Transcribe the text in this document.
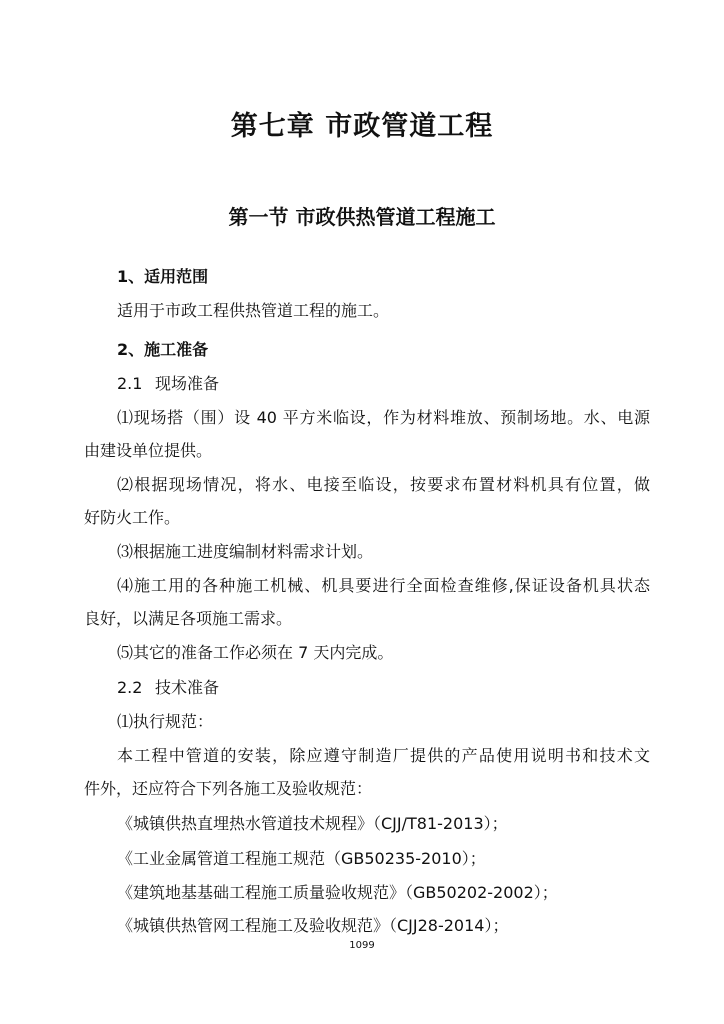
第七章 市政管道工程
第一节 市政供热管道工程施工
1、适用范围
适用于市政工程供热管道工程的施工。
2、施工准备
2.1 现场准备
⑴现场搭（围）设 40 平方米临设，作为材料堆放、预制场地。水、电源
由建设单位提供。
⑵根据现场情况，将水、电接至临设，按要求布置材料机具有位置，做
好防火工作。
⑶根据施工进度编制材料需求计划。
⑷施工用的各种施工机械、机具要进行全面检查维修,保证设备机具状态
良好，以满足各项施工需求。
⑸其它的准备工作必须在 7 天内完成。
2.2 技术准备
⑴执行规范：
本工程中管道的安装，除应遵守制造厂提供的产品使用说明书和技术文
件外，还应符合下列各施工及验收规范：
《城镇供热直埋热水管道技术规程》（CJJ/T81-2013）；
《工业金属管道工程施工规范（GB50235-2010）；
《建筑地基基础工程施工质量验收规范》（GB50202-2002）；
《城镇供热管网工程施工及验收规范》（CJJ28-2014）；
1099
